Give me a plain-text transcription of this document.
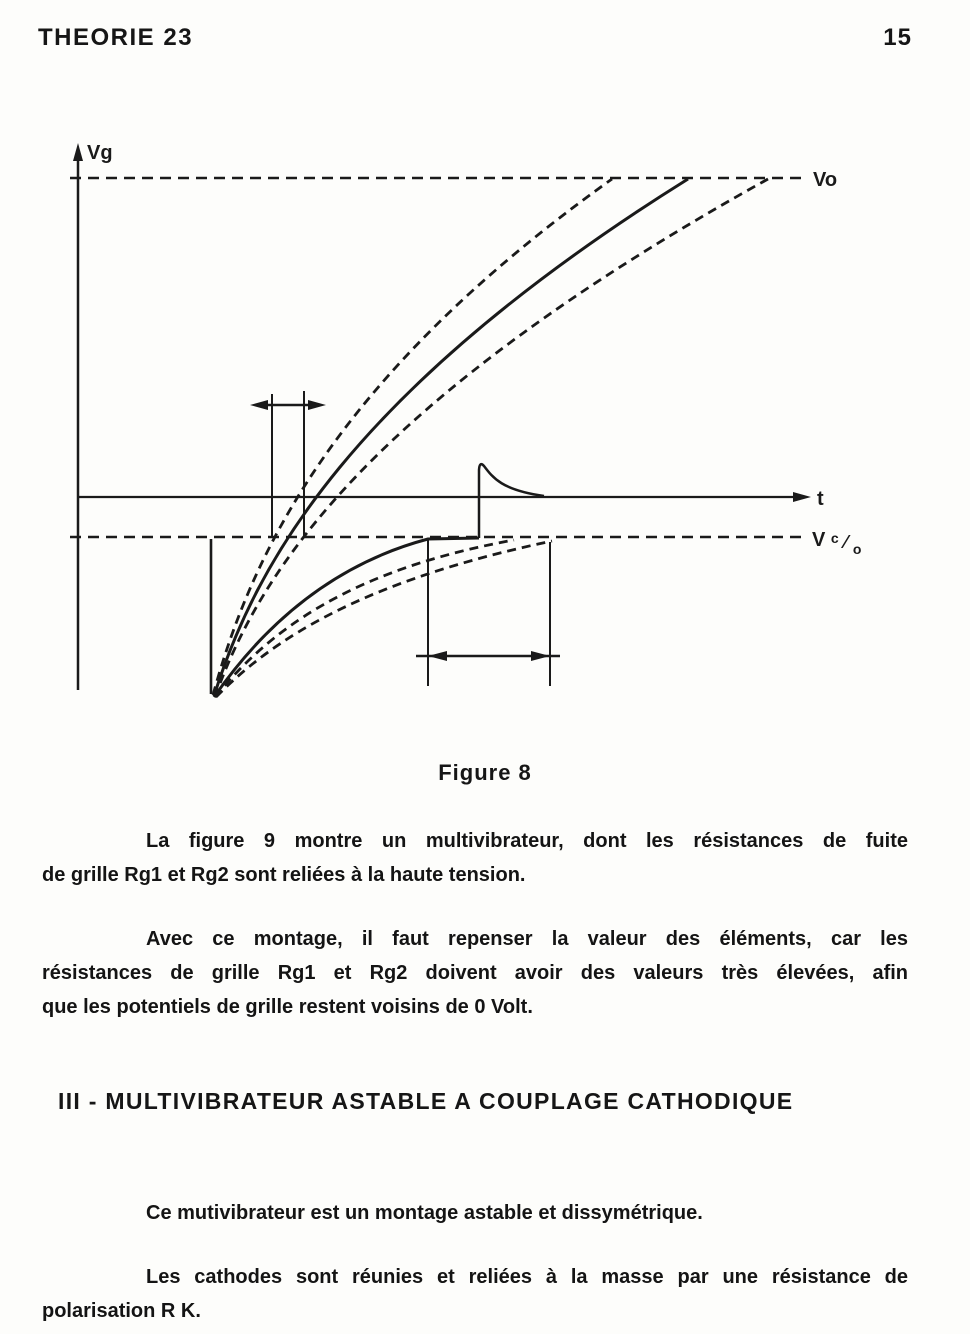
THEORIE 23	15
Vg
Vo
t
V c ⁄ $_o$
Figure 8
La figure 9 montre un multivibrateur, dont les résistances de fuite
de grille Rg1 et Rg2 sont reliées à la haute tension.
Avec ce montage, il faut repenser la valeur des éléments, car les
résistances de grille Rg1 et Rg2 doivent avoir des valeurs très élevées, afin
que les potentiels de grille restent voisins de 0 Volt.
III - MULTIVIBRATEUR ASTABLE A COUPLAGE CATHODIQUE
Ce mutivibrateur est un montage astable et dissymétrique.
Les cathodes sont réunies et reliées à la masse par une résistance de
polarisation R K.
